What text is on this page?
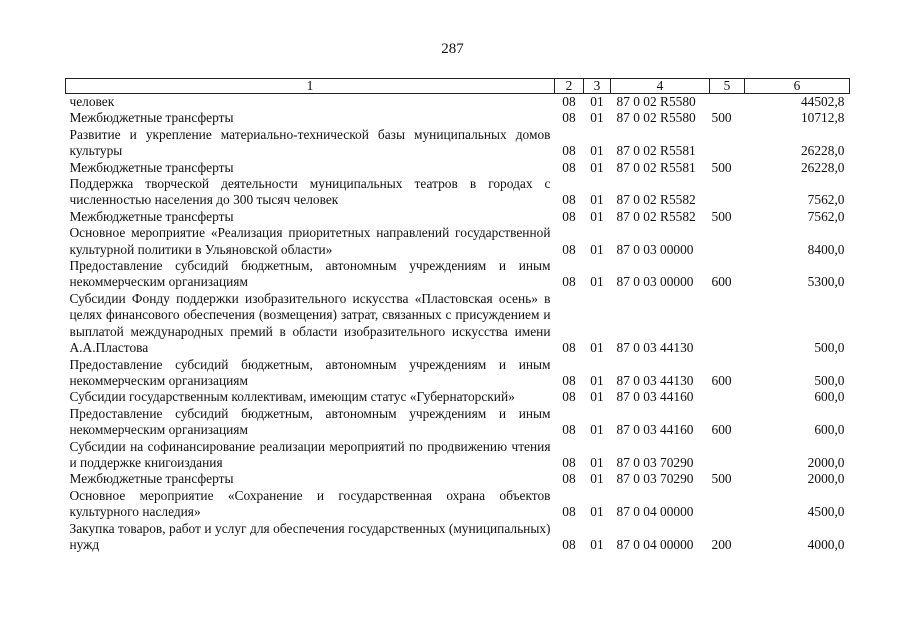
287
1	2	3	4	5	6
человек	08	01	87 0 02 R5580		44502,8
Межбюджетные трансферты	08	01	87 0 02 R5580	500	10712,8
Развитие и укрепление материально-технической базы муниципальных домов культуры	08	01	87 0 02 R5581		26228,0
Межбюджетные трансферты	08	01	87 0 02 R5581	500	26228,0
Поддержка творческой деятельности муниципальных театров в городах с численностью населения до 300 тысяч человек	08	01	87 0 02 R5582		7562,0
Межбюджетные трансферты	08	01	87 0 02 R5582	500	7562,0
Основное мероприятие «Реализация приоритетных направлений государственной культурной политики в Ульяновской области»	08	01	87 0 03 00000		8400,0
Предоставление субсидий бюджетным, автономным учреждениям и иным некоммерческим организациям	08	01	87 0 03 00000	600	5300,0
Субсидии Фонду поддержки изобразительного искусства «Пластовская осень» в целях финансового обеспечения (возмещения) затрат, связанных с присуждением и выплатой международных премий в области изобразительного искусства имени А.А.Пластова	08	01	87 0 03 44130		500,0
Предоставление субсидий бюджетным, автономным учреждениям и иным некоммерческим организациям	08	01	87 0 03 44130	600	500,0
Субсидии государственным коллективам, имеющим статус «Губернаторский»	08	01	87 0 03 44160		600,0
Предоставление субсидий бюджетным, автономным учреждениям и иным некоммерческим организациям	08	01	87 0 03 44160	600	600,0
Субсидии на софинансирование реализации мероприятий по продвижению чтения и поддержке книгоиздания	08	01	87 0 03 70290		2000,0
Межбюджетные трансферты	08	01	87 0 03 70290	500	2000,0
Основное мероприятие «Сохранение и государственная охрана объектов культурного наследия»	08	01	87 0 04 00000		4500,0
Закупка товаров, работ и услуг для обеспечения государственных (муниципальных) нужд	08	01	87 0 04 00000	200	4000,0
